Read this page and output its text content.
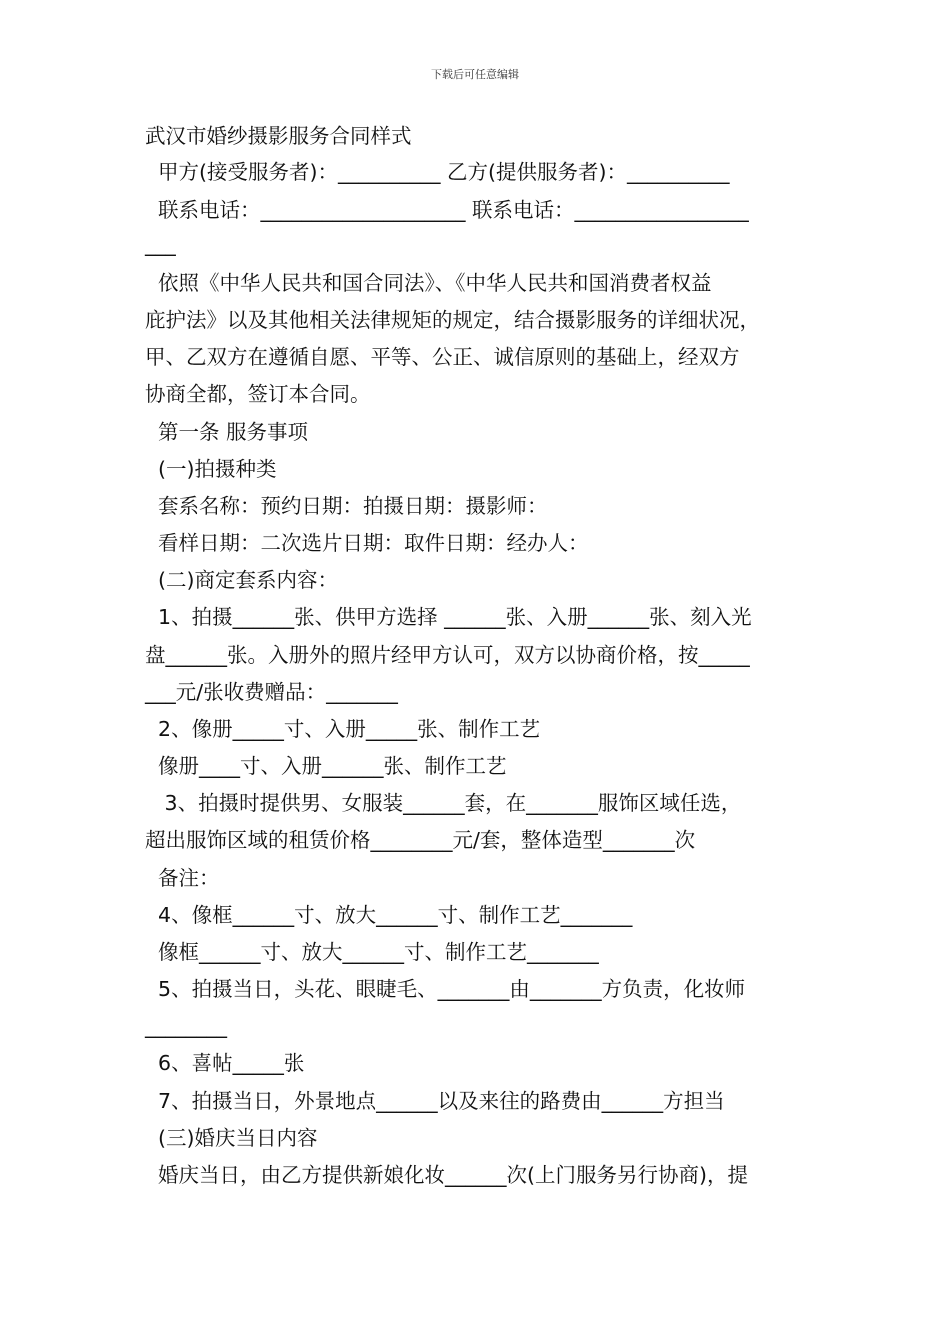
下载后可任意编辑
武汉市婚纱摄影服务合同样式
甲方(接受服务者)：__________ 乙方(提供服务者)：__________
联系电话：____________________ 联系电话：_________________
___
依照《中华人民共和国合同法》、《中华人民共和国消费者权益
庇护法》以及其他相关法律规矩的规定，结合摄影服务的详细状况，
甲、乙双方在遵循自愿、平等、公正、诚信原则的基础上，经双方
协商全都，签订本合同。
第一条 服务事项
(一)拍摄种类
套系名称：预约日期：拍摄日期：摄影师：
看样日期：二次选片日期：取件日期：经办人：
(二)商定套系内容：
1、拍摄______张、供甲方选择 ______张、入册______张、刻入光
盘______张。入册外的照片经甲方认可，双方以协商价格，按_____
___元/张收费赠品：_______
2、像册_____寸、入册_____张、制作工艺
像册____寸、入册______张、制作工艺
3、拍摄时提供男、女服装______套，在_______服饰区域任选，
超出服饰区域的租赁价格________元/套，整体造型_______次
备注：
4、像框______寸、放大______寸、制作工艺_______
像框______寸、放大______寸、制作工艺_______
5、拍摄当日，头花、眼睫毛、_______由_______方负责，化妆师
________
6、喜帖_____张
7、拍摄当日，外景地点______以及来往的路费由______方担当
(三)婚庆当日内容
婚庆当日，由乙方提供新娘化妆______次(上门服务另行协商)，提
